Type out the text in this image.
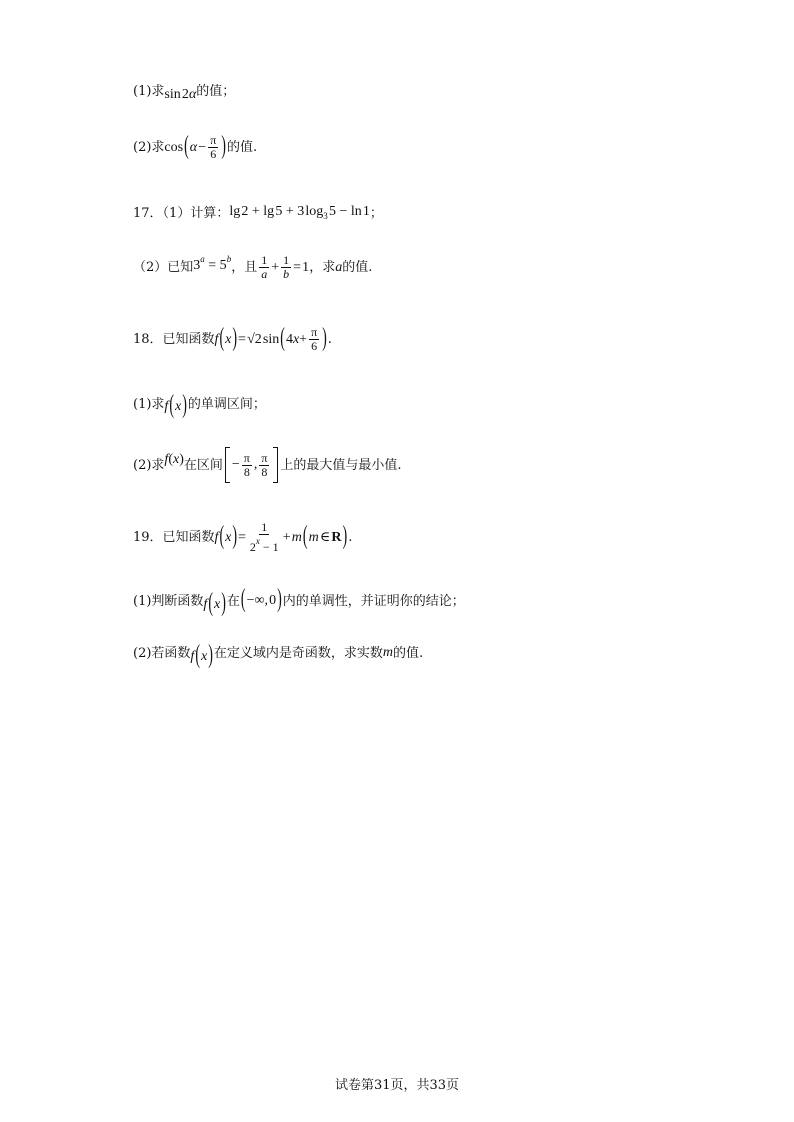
(1)求 sin 2α 的值；
(2)求 cos ( α  − $\frac{\pi}{6}$ ) 的值.
17．（1）计算： lg 2 + lg 5 + 3 $\log_3$ 5 − ln 1 ；
（2）已知 $3^a = 5^b$
，且 $\frac{1}{a} + \frac{1}{b}$ = 1 ，求 a 的值.
18．已知函数 f ( x ) = √2 sin ( 4 $x + \frac{\pi}{6}$ ) .
(1)求 f ( x ) 的单调区间；
(2)求 f(x) 在区间 − $\frac{\pi}{8}$ , $\frac{\pi}{8}$ 上的最大值与最小值.
19．已知函数 f ( x ) = $\frac{1}{2^x - 1}$ +  m ( m  ∈  R ) .
(1)判断函数 f ( x ) 在 ( −∞, 0 ) 内的单调性，并证明你的结论；
(2)若函数 f ( x ) 在定义域内是奇函数，求实数 m 的值.
试卷第31页，共33页
